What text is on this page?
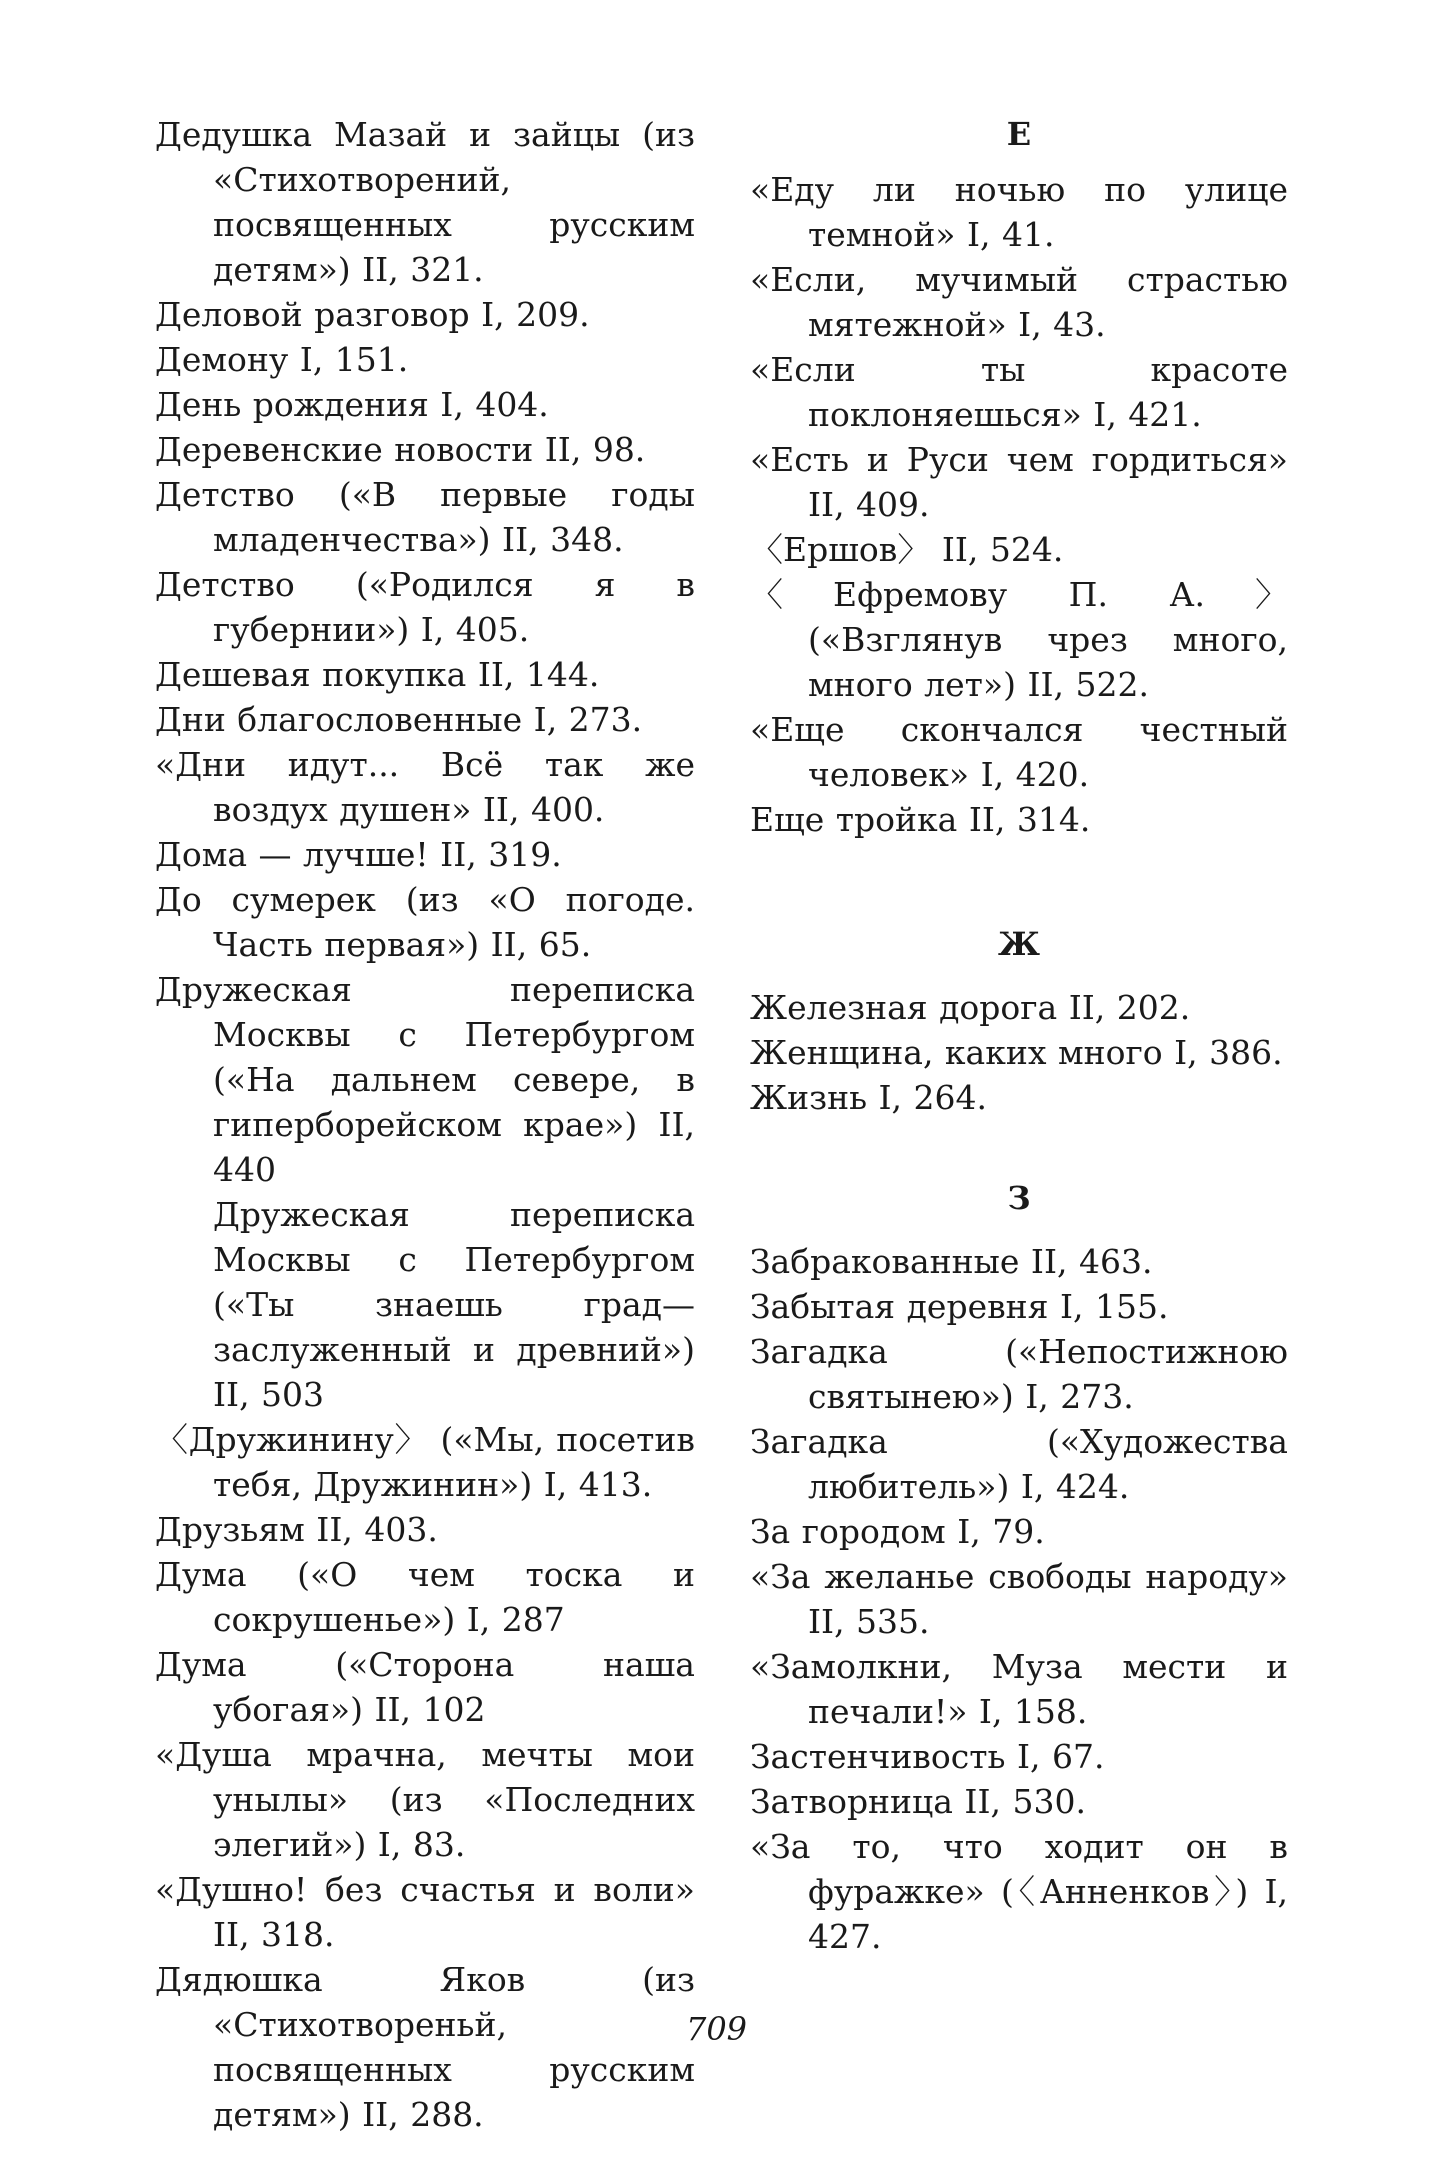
Дедушка Мазай и зайцы (из «Стихотворений, посвященных русским детям») II, 321.
Деловой разговор I, 209.
Демону I, 151.
День рождения I, 404.
Деревенские новости II, 98.
Детство («В первые годы младенчества») II, 348.
Детство («Родился я в губернии») I, 405.
Дешевая покупка II, 144.
Дни благословенные I, 273.
«Дни идут... Всё так же воздух душен» II, 400.
Дома — лучше! II, 319.
До сумерек (из «О погоде. Часть первая») II, 65.
Дружеская переписка Москвы с Петербургом («На дальнем севере, в гиперборейском крае») II, 440
Дружеская переписка Москвы с Петербургом («Ты знаешь град—заслуженный и древний») II, 503
〈Дружинину〉 («Мы, посетив тебя, Дружинин») I, 413.
Друзьям II, 403.
Дума («О чем тоска и сокрушенье») I, 287
Дума («Сторона наша убогая») II, 102
«Душа мрачна, мечты мои унылы» (из «Последних элегий») I, 83.
«Душно! без счастья и воли» II, 318.
Дядюшка Яков (из «Стихотвореньй, посвященных русским детям») II, 288.
Е
«Еду ли ночью по улице темной» I, 41.
«Если, мучимый страстью мятежной» I, 43.
«Если ты красоте поклоняешься» I, 421.
«Есть и Руси чем гордиться» II, 409.
〈Ершов〉 II, 524.
〈Ефремову П. А.〉 («Взглянув чрез много, много лет») II, 522.
«Еще скончался честный человек» I, 420.
Еще тройка II, 314.
Ж
Железная дорога II, 202.
Женщина, каких много I, 386.
Жизнь I, 264.
З
Забракованные II, 463.
Забытая деревня I, 155.
Загадка («Непостижною святынею») I, 273.
Загадка («Художества любитель») I, 424.
За городом I, 79.
«За желанье свободы народу» II, 535.
«Замолкни, Муза мести и печали!» I, 158.
Застенчивость I, 67.
Затворница II, 530.
«За то, что ходит он в фуражке» (〈Анненков〉) I, 427.
709
